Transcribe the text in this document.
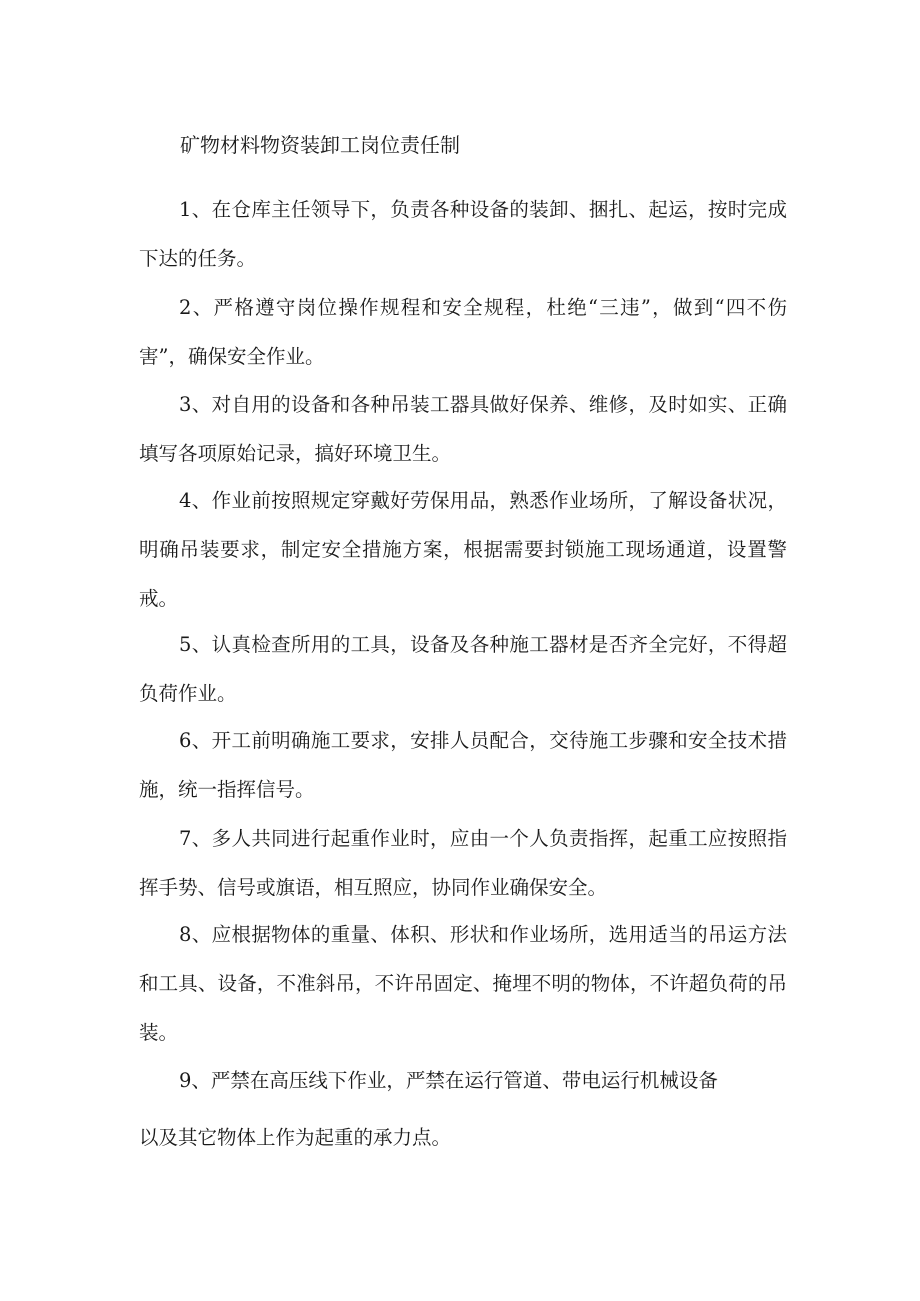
矿物材料物资装卸工岗位责任制

1、在仓库主任领导下，负责各种设备的装卸、捆扎、起运，按时完成下达的任务。

2、严格遵守岗位操作规程和安全规程，杜绝“三违”，做到“四不伤害”，确保安全作业。

3、对自用的设备和各种吊装工器具做好保养、维修，及时如实、正确填写各项原始记录，搞好环境卫生。

4、作业前按照规定穿戴好劳保用品，熟悉作业场所，了解设备状况，明确吊装要求，制定安全措施方案，根据需要封锁施工现场通道，设置警戒。

5、认真检查所用的工具，设备及各种施工器材是否齐全完好，不得超负荷作业。

6、开工前明确施工要求，安排人员配合，交待施工步骤和安全技术措施，统一指挥信号。

7、多人共同进行起重作业时，应由一个人负责指挥，起重工应按照指挥手势、信号或旗语，相互照应，协同作业确保安全。

8、应根据物体的重量、体积、形状和作业场所，选用适当的吊运方法和工具、设备，不准斜吊，不许吊固定、掩埋不明的物体，不许超负荷的吊装。

9、严禁在高压线下作业，严禁在运行管道、带电运行机械设备

以及其它物体上作为起重的承力点。
